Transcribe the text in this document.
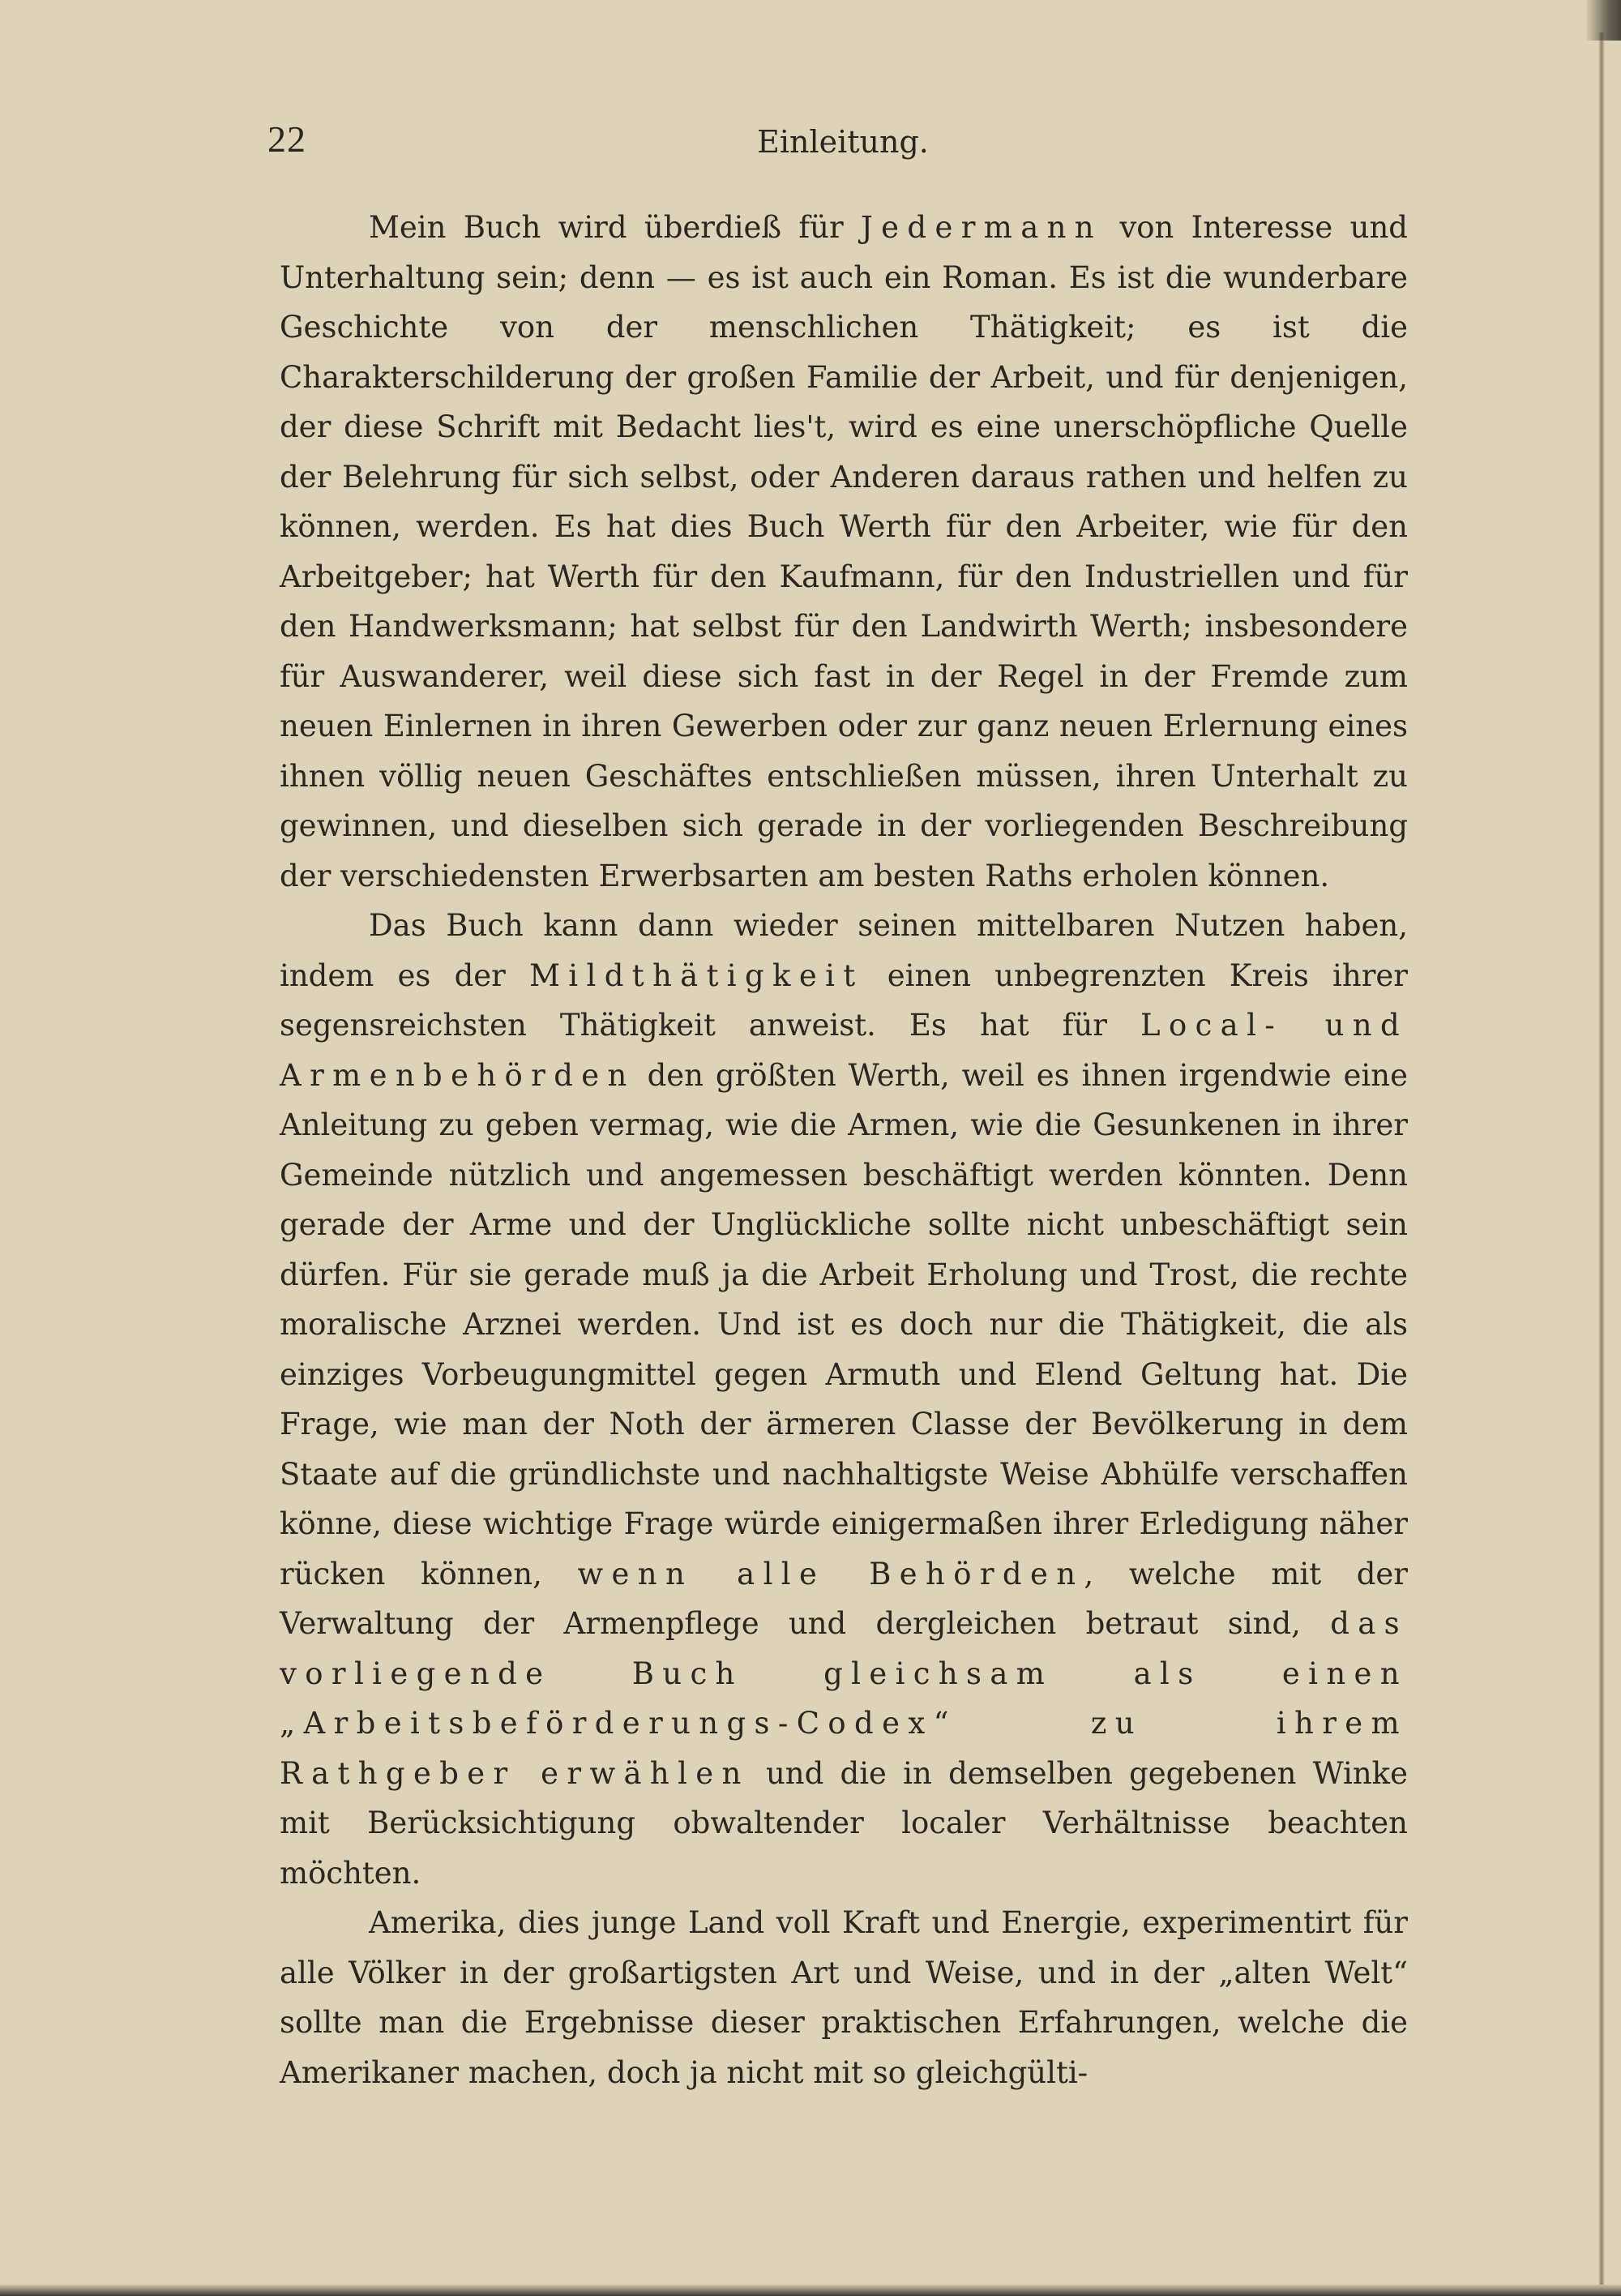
22	Einleitung.

Mein Buch wird überdieß für Jedermann von Interesse und Unterhaltung sein; denn — es ist auch ein Roman. Es ist die wunderbare Geschichte von der menschlichen Thätigkeit; es ist die Charakterschilderung der großen Familie der Arbeit, und für denjenigen, der diese Schrift mit Bedacht lies't, wird es eine unerschöpfliche Quelle der Belehrung für sich selbst, oder Anderen daraus rathen und helfen zu können, werden. Es hat dies Buch Werth für den Arbeiter, wie für den Arbeitgeber; hat Werth für den Kaufmann, für den Industriellen und für den Handwerksmann; hat selbst für den Landwirth Werth; insbesondere für Auswanderer, weil diese sich fast in der Regel in der Fremde zum neuen Einlernen in ihren Gewerben oder zur ganz neuen Erlernung eines ihnen völlig neuen Geschäftes entschließen müssen, ihren Unterhalt zu gewinnen, und dieselben sich gerade in der vorliegenden Beschreibung der verschiedensten Erwerbsarten am besten Raths erholen können.

Das Buch kann dann wieder seinen mittelbaren Nutzen haben, indem es der Mildthätigkeit einen unbegrenzten Kreis ihrer segensreichsten Thätigkeit anweist. Es hat für Local- und Armenbehörden den größten Werth, weil es ihnen irgendwie eine Anleitung zu geben vermag, wie die Armen, wie die Gesunkenen in ihrer Gemeinde nützlich und angemessen beschäftigt werden könnten. Denn gerade der Arme und der Unglückliche sollte nicht unbeschäftigt sein dürfen. Für sie gerade muß ja die Arbeit Erholung und Trost, die rechte moralische Arznei werden. Und ist es doch nur die Thätigkeit, die als einziges Vorbeugungmittel gegen Armuth und Elend Geltung hat. Die Frage, wie man der Noth der ärmeren Classe der Bevölkerung in dem Staate auf die gründlichste und nachhaltigste Weise Abhülfe verschaffen könne, diese wichtige Frage würde einigermaßen ihrer Erledigung näher rücken können, wenn alle Behörden, welche mit der Verwaltung der Armenpflege und dergleichen betraut sind, das vorliegende Buch gleichsam als einen „Arbeitsbeförderungs-Codex“ zu ihrem Rathgeber erwählen und die in demselben gegebenen Winke mit Berücksichtigung obwaltender localer Verhältnisse beachten möchten.

Amerika, dies junge Land voll Kraft und Energie, experimentirt für alle Völker in der großartigsten Art und Weise, und in der „alten Welt“ sollte man die Ergebnisse dieser praktischen Erfahrungen, welche die Amerikaner machen, doch ja nicht mit so gleichgülti-
